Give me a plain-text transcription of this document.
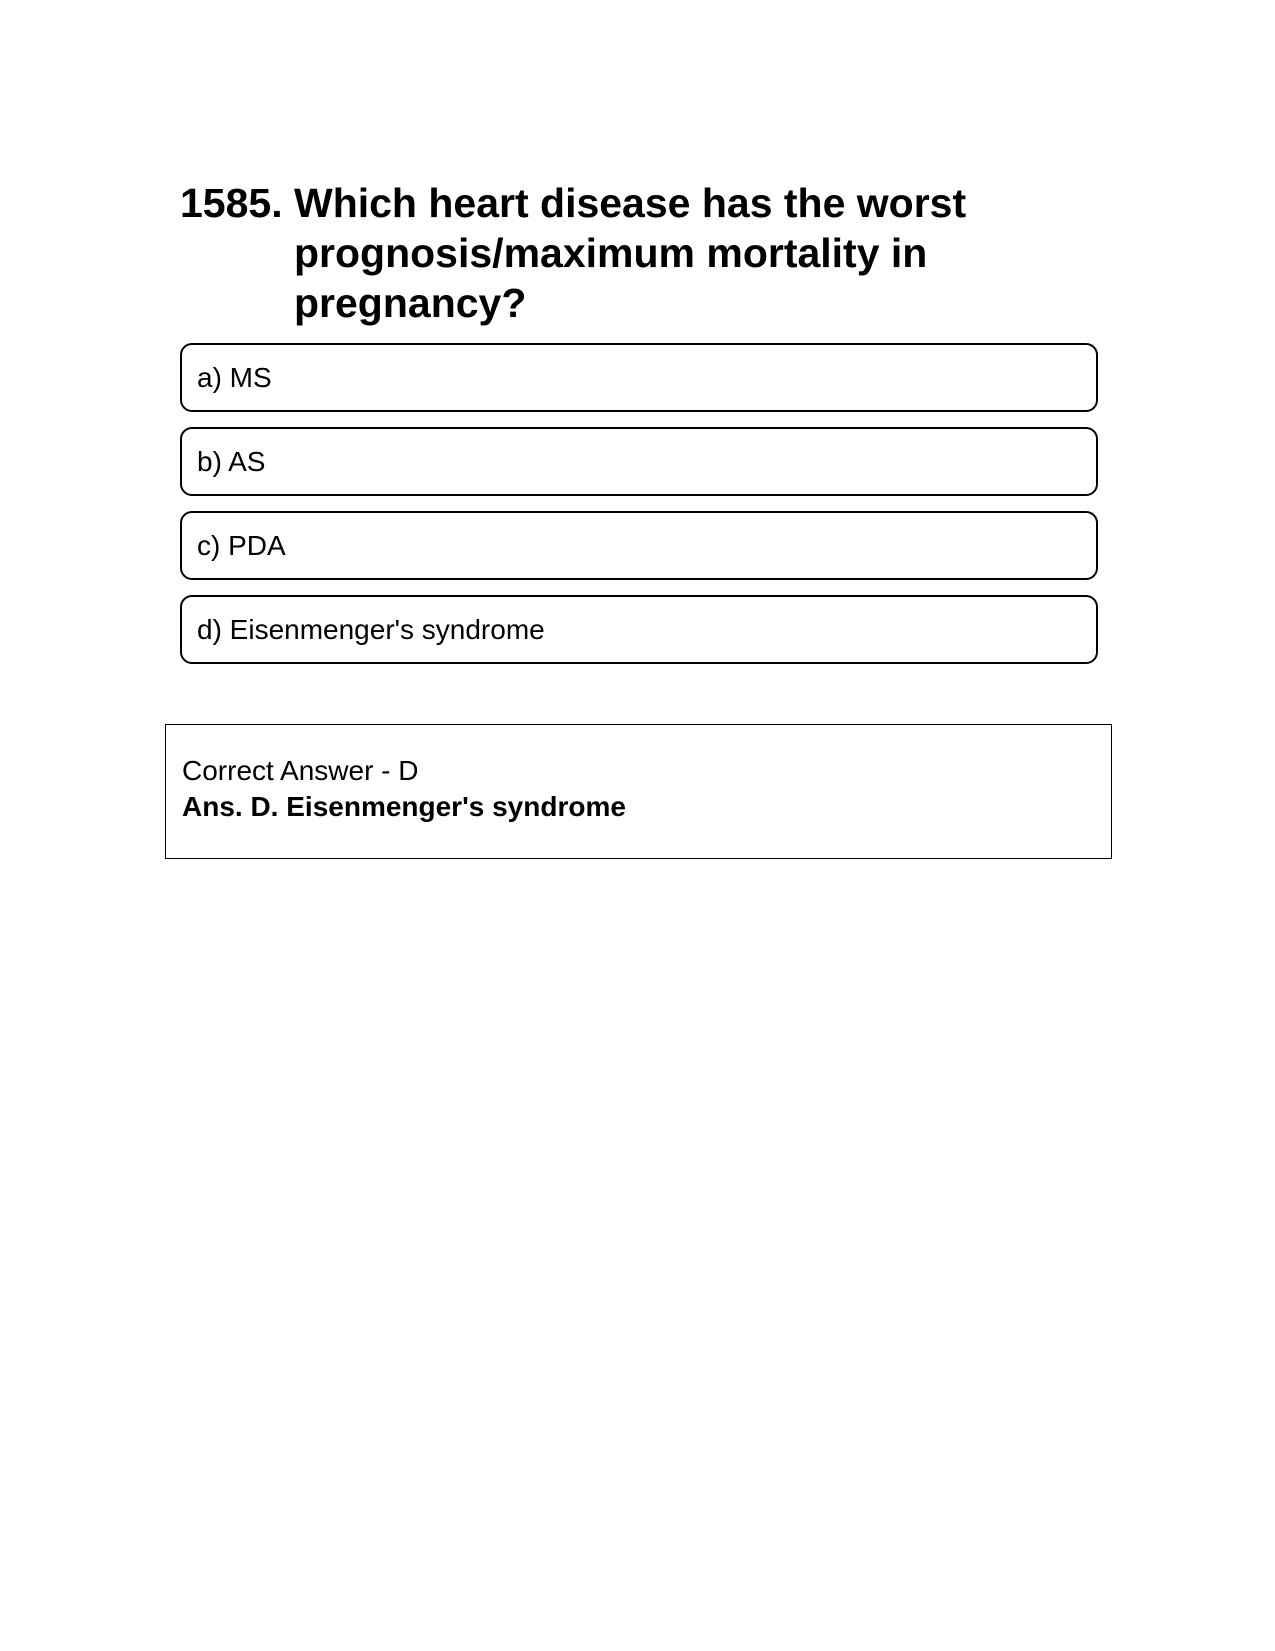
1585. Which heart disease has the worst prognosis/maximum mortality in pregnancy?
a) MS
b) AS
c) PDA
d) Eisenmenger's syndrome
Correct Answer - D
Ans. D. Eisenmenger's syndrome
